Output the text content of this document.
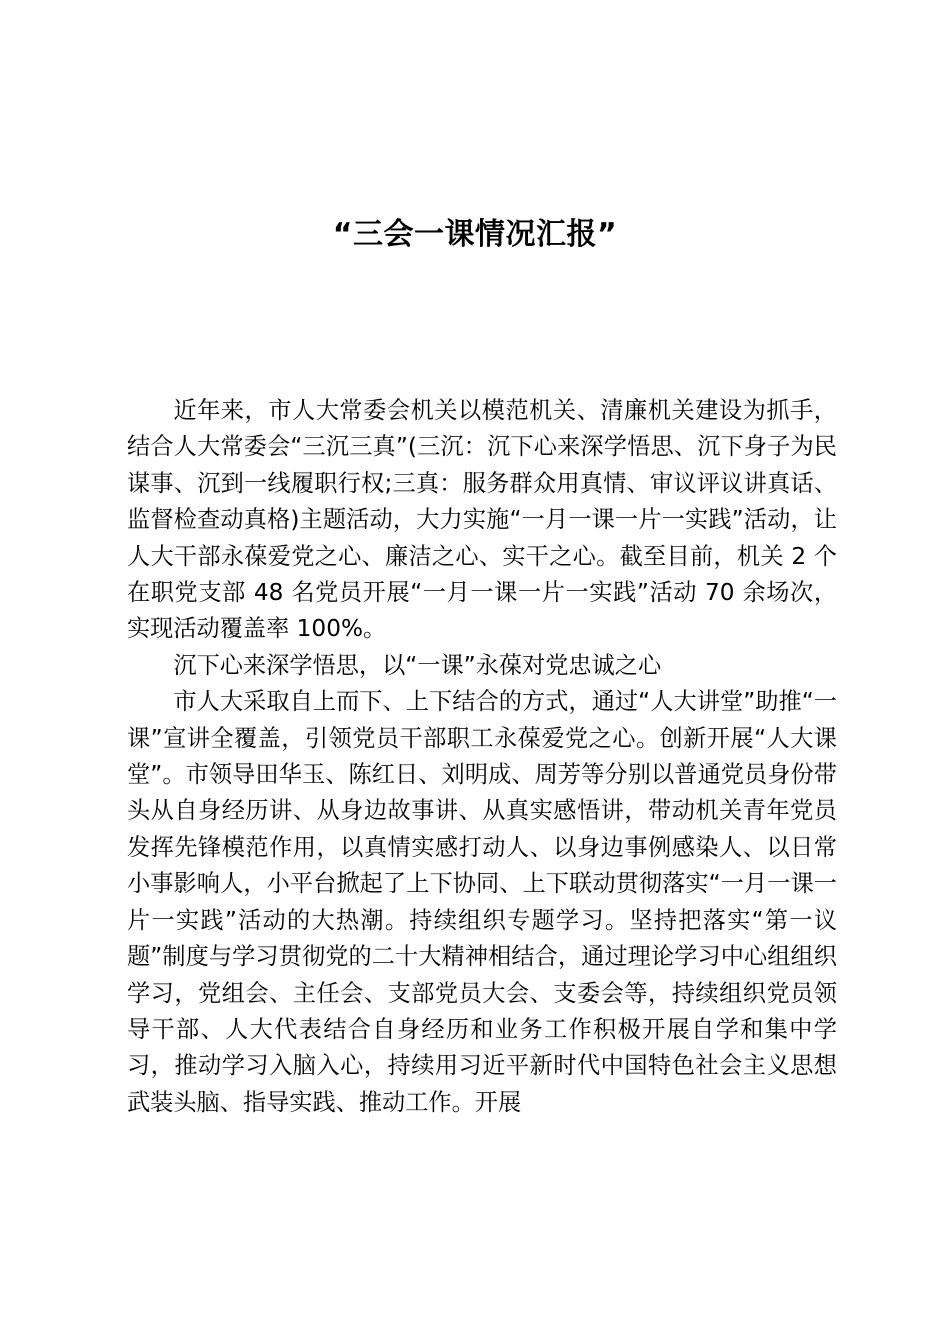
“三会一课情况汇报”

近年来，市人大常委会机关以模范机关、清廉机关建设为抓手，结合人大常委会“三沉三真”(三沉：沉下心来深学悟思、沉下身子为民谋事、沉到一线履职行权;三真：服务群众用真情、审议评议讲真话、监督检查动真格)主题活动，大力实施“一月一课一片一实践”活动，让人大干部永葆爱党之心、廉洁之心、实干之心。截至目前，机关 2 个在职党支部 48 名党员开展“一月一课一片一实践”活动 70 余场次，实现活动覆盖率 100%。

沉下心来深学悟思，以“一课”永葆对党忠诚之心

市人大采取自上而下、上下结合的方式，通过“人大讲堂”助推“一课”宣讲全覆盖，引领党员干部职工永葆爱党之心。创新开展“人大课堂”。市领导田华玉、陈红日、刘明成、周芳等分别以普通党员身份带头从自身经历讲、从身边故事讲、从真实感悟讲，带动机关青年党员发挥先锋模范作用，以真情实感打动人、以身边事例感染人、以日常小事影响人，小平台掀起了上下协同、上下联动贯彻落实“一月一课一片一实践”活动的大热潮。持续组织专题学习。坚持把落实“第一议题”制度与学习贯彻党的二十大精神相结合，通过理论学习中心组组织学习，党组会、主任会、支部党员大会、支委会等，持续组织党员领导干部、人大代表结合自身经历和业务工作积极开展自学和集中学习，推动学习入脑入心，持续用习近平新时代中国特色社会主义思想武装头脑、指导实践、推动工作。开展
